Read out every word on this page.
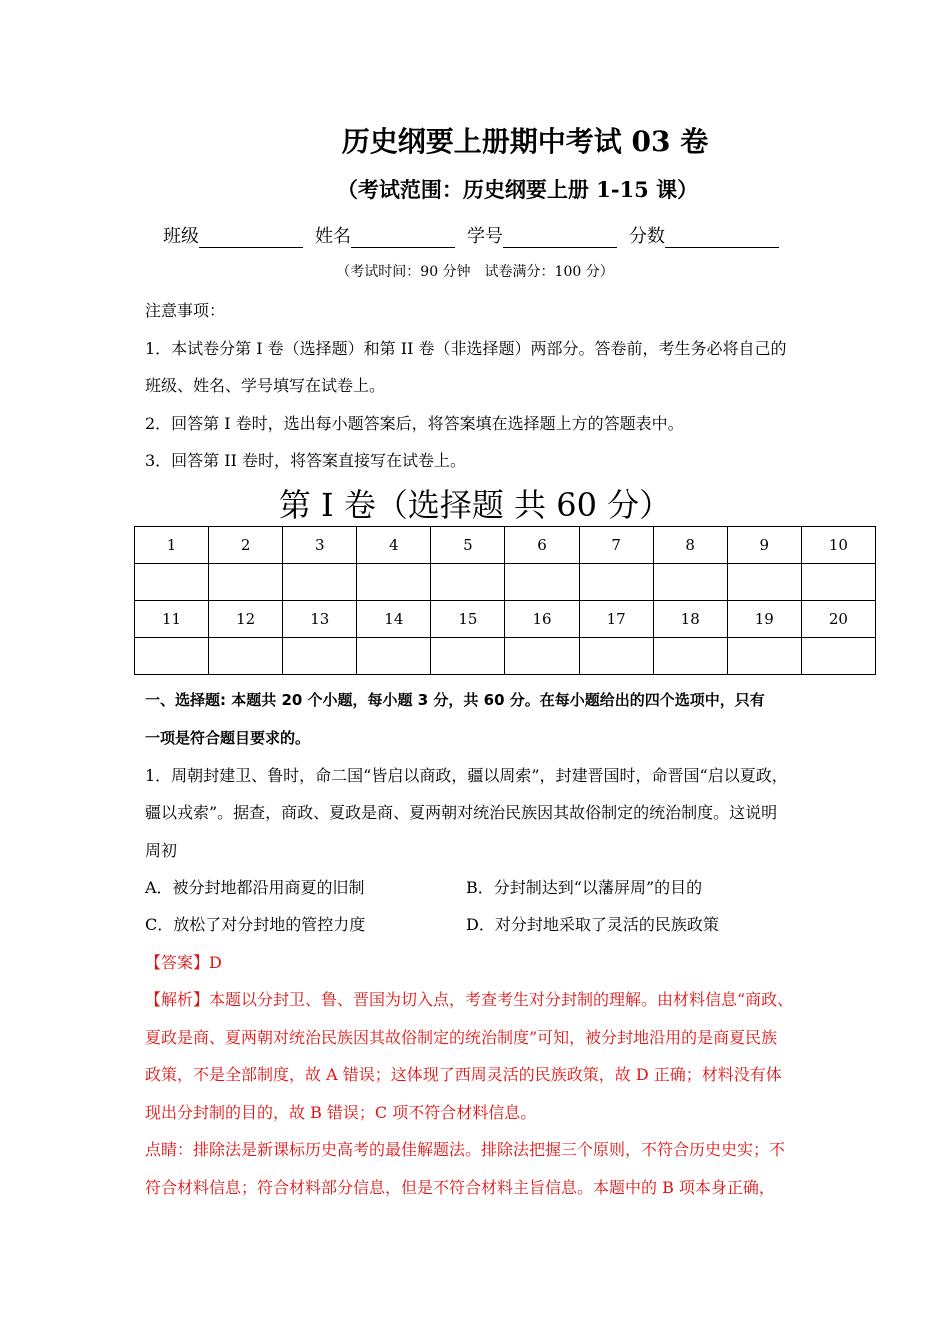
历史纲要上册期中考试 03 卷
（考试范围：历史纲要上册 1-15 课）
班级	姓名	学号	分数
（考试时间：90 分钟　试卷满分：100 分）
注意事项：
1．本试卷分第 I 卷（选择题）和第 II 卷（非选择题）两部分。答卷前，考生务必将自己的
班级、姓名、学号填写在试卷上。
2．回答第 I 卷时，选出每小题答案后，将答案填在选择题上方的答题表中。
3．回答第 II 卷时，将答案直接写在试卷上。
第 I 卷（选择题 共 60 分）
1	2	3	4	5	6	7	8	9	10

11	12	13	14	15	16	17	18	19	20

一、选择题: 本题共 20 个小题，每小题 3 分，共 60 分。在每小题给出的四个选项中，只有
一项是符合题目要求的。
1．周朝封建卫、鲁时，命二国“皆启以商政，疆以周索”，封建晋国时，命晋国“启以夏政，
疆以戎索”。据查，商政、夏政是商、夏两朝对统治民族因其故俗制定的统治制度。这说明
周初
A．被分封地都沿用商夏的旧制	B．分封制达到“以藩屏周”的目的
C．放松了对分封地的管控力度	D．对分封地采取了灵活的民族政策
【答案】D
【解析】本题以分封卫、鲁、晋国为切入点，考查考生对分封制的理解。由材料信息“商政、
夏政是商、夏两朝对统治民族因其故俗制定的统治制度”可知，被分封地沿用的是商夏民族
政策，不是全部制度，故 A 错误；这体现了西周灵活的民族政策，故 D 正确；材料没有体
现出分封制的目的，故 B 错误；C 项不符合材料信息。
点睛：排除法是新课标历史高考的最佳解题法。排除法把握三个原则，不符合历史史实；不
符合材料信息；符合材料部分信息，但是不符合材料主旨信息。本题中的 B 项本身正确，
